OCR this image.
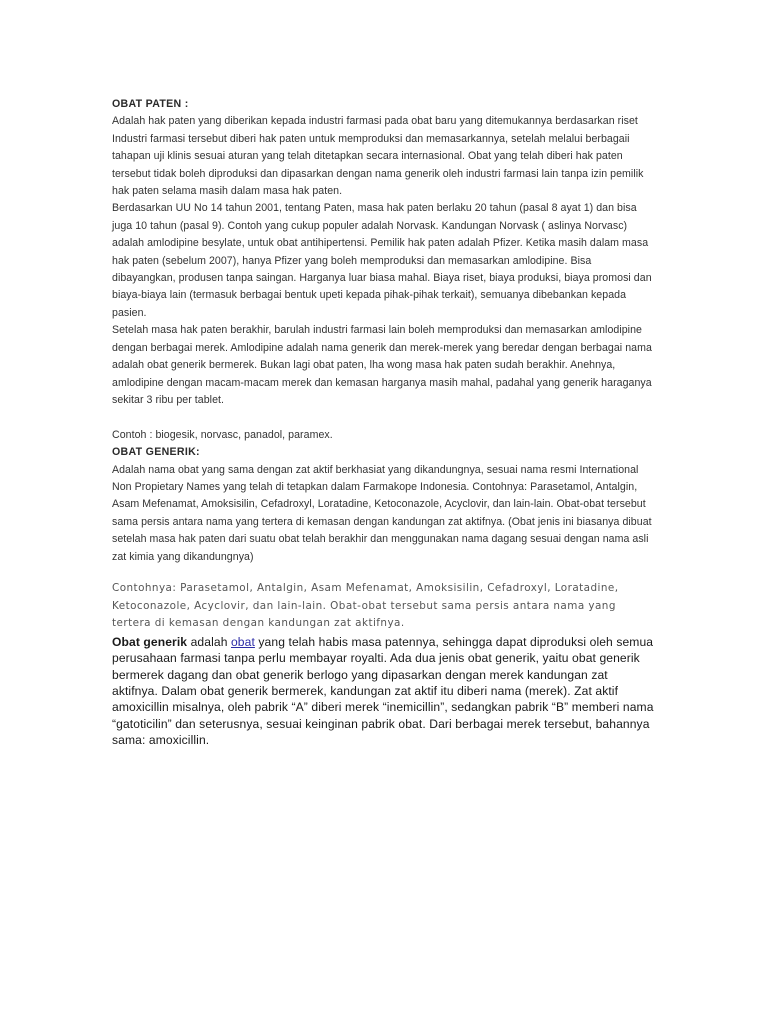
OBAT PATEN :

Adalah hak paten yang diberikan kepada industri farmasi pada obat baru yang ditemukannya berdasarkan riset Industri farmasi tersebut diberi hak paten untuk memproduksi dan memasarkannya, setelah melalui berbagaii tahapan uji klinis sesuai aturan yang telah ditetapkan secara internasional. Obat yang telah diberi hak paten tersebut tidak boleh diproduksi dan dipasarkan dengan nama generik oleh industri farmasi lain tanpa izin pemilik hak paten selama masih dalam masa hak paten.

Berdasarkan UU No 14 tahun 2001, tentang Paten, masa hak paten berlaku 20 tahun (pasal 8 ayat 1) dan bisa juga 10 tahun (pasal 9). Contoh yang cukup populer adalah Norvask. Kandungan Norvask ( aslinya Norvasc) adalah amlodipine besylate, untuk obat antihipertensi. Pemilik hak paten adalah Pfizer. Ketika masih dalam masa hak paten (sebelum 2007), hanya Pfizer yang boleh memproduksi dan memasarkan amlodipine. Bisa dibayangkan, produsen tanpa saingan. Harganya luar biasa mahal. Biaya riset, biaya produksi, biaya promosi dan biaya-biaya lain (termasuk berbagai bentuk upeti kepada pihak-pihak terkait), semuanya dibebankan kepada pasien.

Setelah masa hak paten berakhir, barulah industri farmasi lain boleh memproduksi dan memasarkan amlodipine dengan berbagai merek. Amlodipine adalah nama generik dan merek-merek yang beredar dengan berbagai nama adalah obat generik bermerek. Bukan lagi obat paten, lha wong masa hak paten sudah berakhir. Anehnya, amlodipine dengan macam-macam merek dan kemasan harganya masih mahal, padahal yang generik haraganya sekitar 3 ribu per tablet.

Contoh : biogesik, norvasc, panadol, paramex.

OBAT GENERIK:

Adalah nama obat yang sama dengan zat aktif berkhasiat yang dikandungnya, sesuai nama resmi International Non Propietary Names yang telah di tetapkan dalam Farmakope Indonesia. Contohnya: Parasetamol, Antalgin, Asam Mefenamat, Amoksisilin, Cefadroxyl, Loratadine, Ketoconazole, Acyclovir, dan lain-lain. Obat-obat tersebut sama persis antara nama yang tertera di kemasan dengan kandungan zat aktifnya. (Obat jenis ini biasanya dibuat setelah masa hak paten dari suatu obat telah berakhir dan menggunakan nama dagang sesuai dengan nama asli zat kimia yang dikandungnya)

Contohnya: Parasetamol, Antalgin, Asam Mefenamat, Amoksisilin, Cefadroxyl, Loratadine, Ketoconazole, Acyclovir, dan lain-lain. Obat-obat tersebut sama persis antara nama yang tertera di kemasan dengan kandungan zat aktifnya.

Obat generik adalah obat yang telah habis masa patennya, sehingga dapat diproduksi oleh semua perusahaan farmasi tanpa perlu membayar royalti. Ada dua jenis obat generik, yaitu obat generik bermerek dagang dan obat generik berlogo yang dipasarkan dengan merek kandungan zat aktifnya. Dalam obat generik bermerek, kandungan zat aktif itu diberi nama (merek). Zat aktif amoxicillin misalnya, oleh pabrik “A” diberi merek “inemicillin”, sedangkan pabrik “B” memberi nama “gatoticilin” dan seterusnya, sesuai keinginan pabrik obat. Dari berbagai merek tersebut, bahannya sama: amoxicillin.
